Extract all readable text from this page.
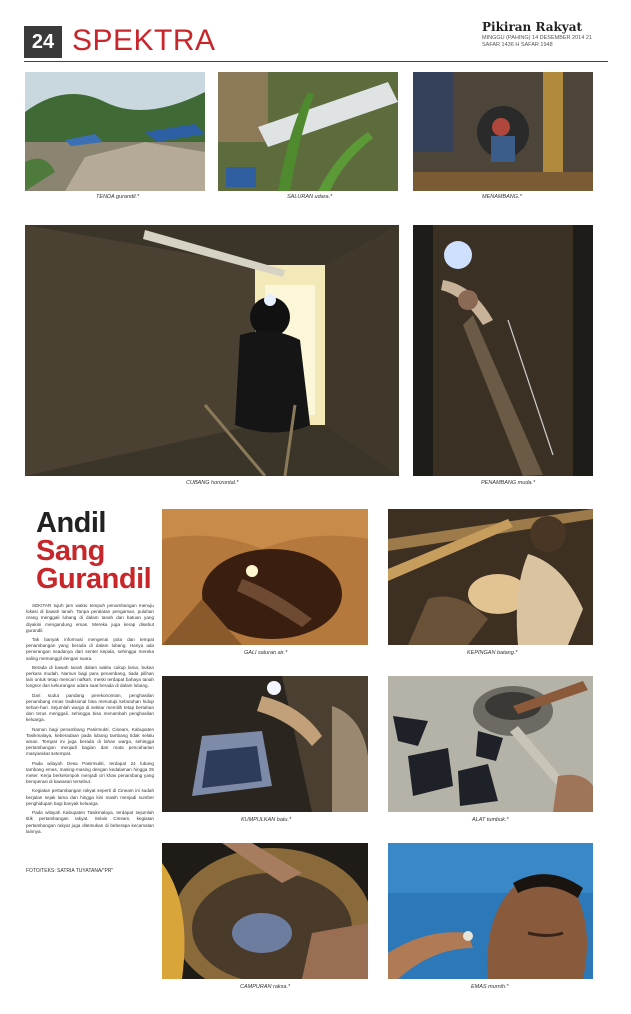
24 SPEKTRA	Pikiran Rakyat
MINGGU (PAHING) 14 DESEMBER 2014 21 SAFAR 1436 H SAFAR 1948
TENDA gurandil.*	SALURAN udara.*	MENAMBANG.*
CUBANG horizontal.*	PENAMBANG muda.*
Andil
Sang
Gurandil

SEKITAR tujuh jam waktu tempuh penambangan menuju lokasi di bawah tanah. Tanpa peralatan pengaman, puluhan orang menggali lubang di dalam tanah dan batuan yang diyakini mengandung emas. Mereka juga kerap disebut gurandil.

Tak banyak informasi mengenai pola dan tempat penambangan yang berada di dalam lubang. Hanya ada penerangan seadanya dari senter kepala, sehingga mereka saling memanggil dengan suara.

Berada di bawah tanah dalam waktu cukup lama, bukan perkara mudah. Namun bagi para penambang, tiada pilihan lain untuk tetap mencari nafkah, meski terdapat bahaya tanah longsor dan kekurangan udara saat berada di dalam lubang.

Dari sudut pandang perekonomian, penghasilan penambang emas tradisional bisa menutupi kebutuhan hidup sehari-hari. Sejumlah warga di sekitar memilih tetap bertahan dan terus menggali, sehingga bisa menambah penghasilan keluarga.

Namun bagi penambang Pasirmukti, Cineam, Kabupaten Tasikmalaya, keberadaan pada lubang tambang tidak selalu aman. Tempat ini juga berada di lahan warga, sehingga pertambangan menjadi bagian dari mata pencaharian masyarakat setempat.

Pada wilayah Desa Pasirmukti, terdapat 24 lubang tambang emas, masing-masing dengan kedalaman hingga 25 meter. Kerja berkelompok menjadi ciri khas penambang yang beroperasi di kawasan tersebut.

Kegiatan pertambangan rakyat seperti di Cineam ini sudah berjalan sejak lama dan hingga kini masih menjadi sumber penghidupan bagi banyak keluarga.

Pada wilayah Kabupaten Tasikmalaya, terdapat sejumlah titik pertambangan rakyat. Selain Cineam, kegiatan pertambangan rakyat juga ditemukan di beberapa kecamatan lainnya.

FOTO/TEKS: SATRIA TUYATANA/"PR"
GALI saluran air.*	KEPINGAN batang.*
KUMPULKAN batu.*	ALAT tumbuk.*
CAMPURAN raksa.*	EMAS murnih.*
